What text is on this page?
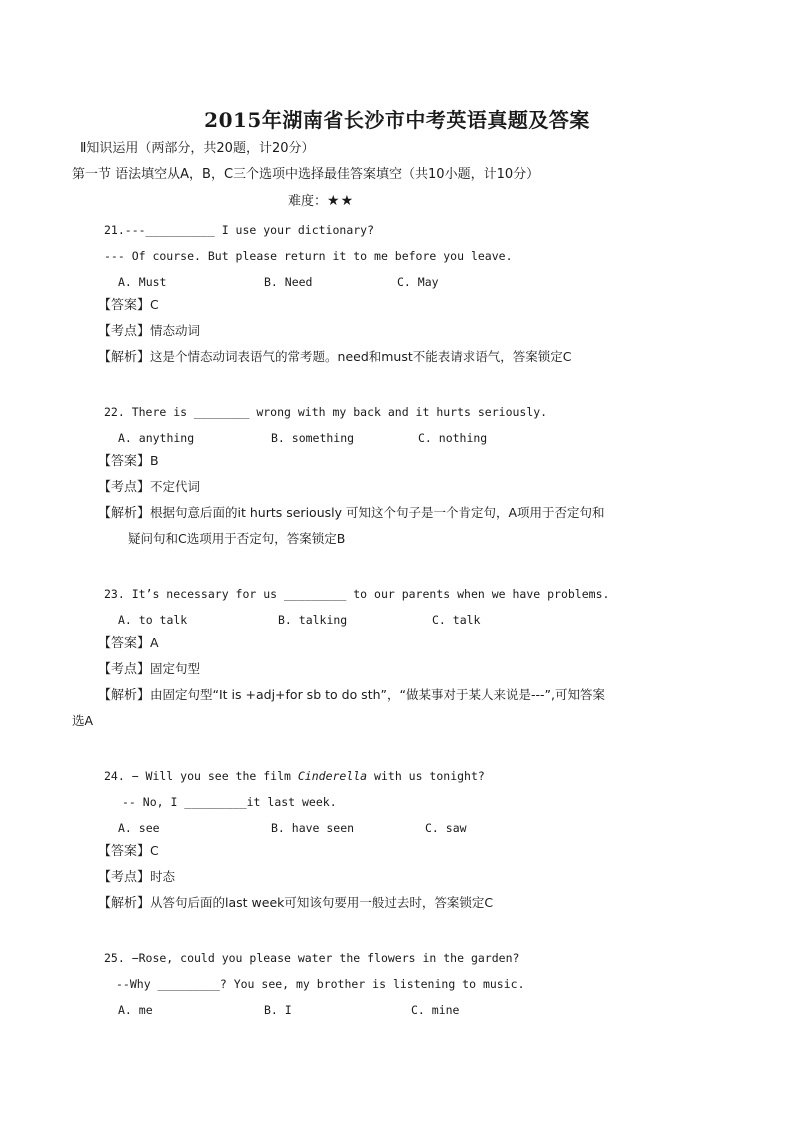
2015年湖南省长沙市中考英语真题及答案
Ⅱ知识运用（两部分，共20题，计20分）
第一节 语法填空从A，B，C三个选项中选择最佳答案填空（共10小题，计10分）
难度：★★
21.---__________ I use your dictionary?
--- Of course. But please return it to me before you leave.
A. Must	B. Need	C. May
【答案】C
【考点】情态动词
【解析】这是个情态动词表语气的常考题。need和must不能表请求语气，答案锁定C
22. There is ________ wrong with my back and it hurts seriously.
A. anything	B. something	C. nothing
【答案】B
【考点】不定代词
【解析】根据句意后面的it hurts seriously 可知这个句子是一个肯定句，A项用于否定句和
疑问句和C选项用于否定句，答案锁定B
23. It’s necessary for us _________ to our parents when we have problems.
A. to talk	B. talking	C. talk
【答案】A
【考点】固定句型
【解析】由固定句型“It is +adj+for sb to do sth”，“做某事对于某人来说是---”,可知答案
选A
24. − Will you see the film Cinderella with us tonight?
-- No, I _________it last week.
A. see	B. have seen	C. saw
【答案】C
【考点】时态
【解析】从答句后面的last week可知该句要用一般过去时，答案锁定C
25. −Rose, could you please water the flowers in the garden?
--Why _________? You see, my brother is listening to music.
A. me	B. I	C. mine
